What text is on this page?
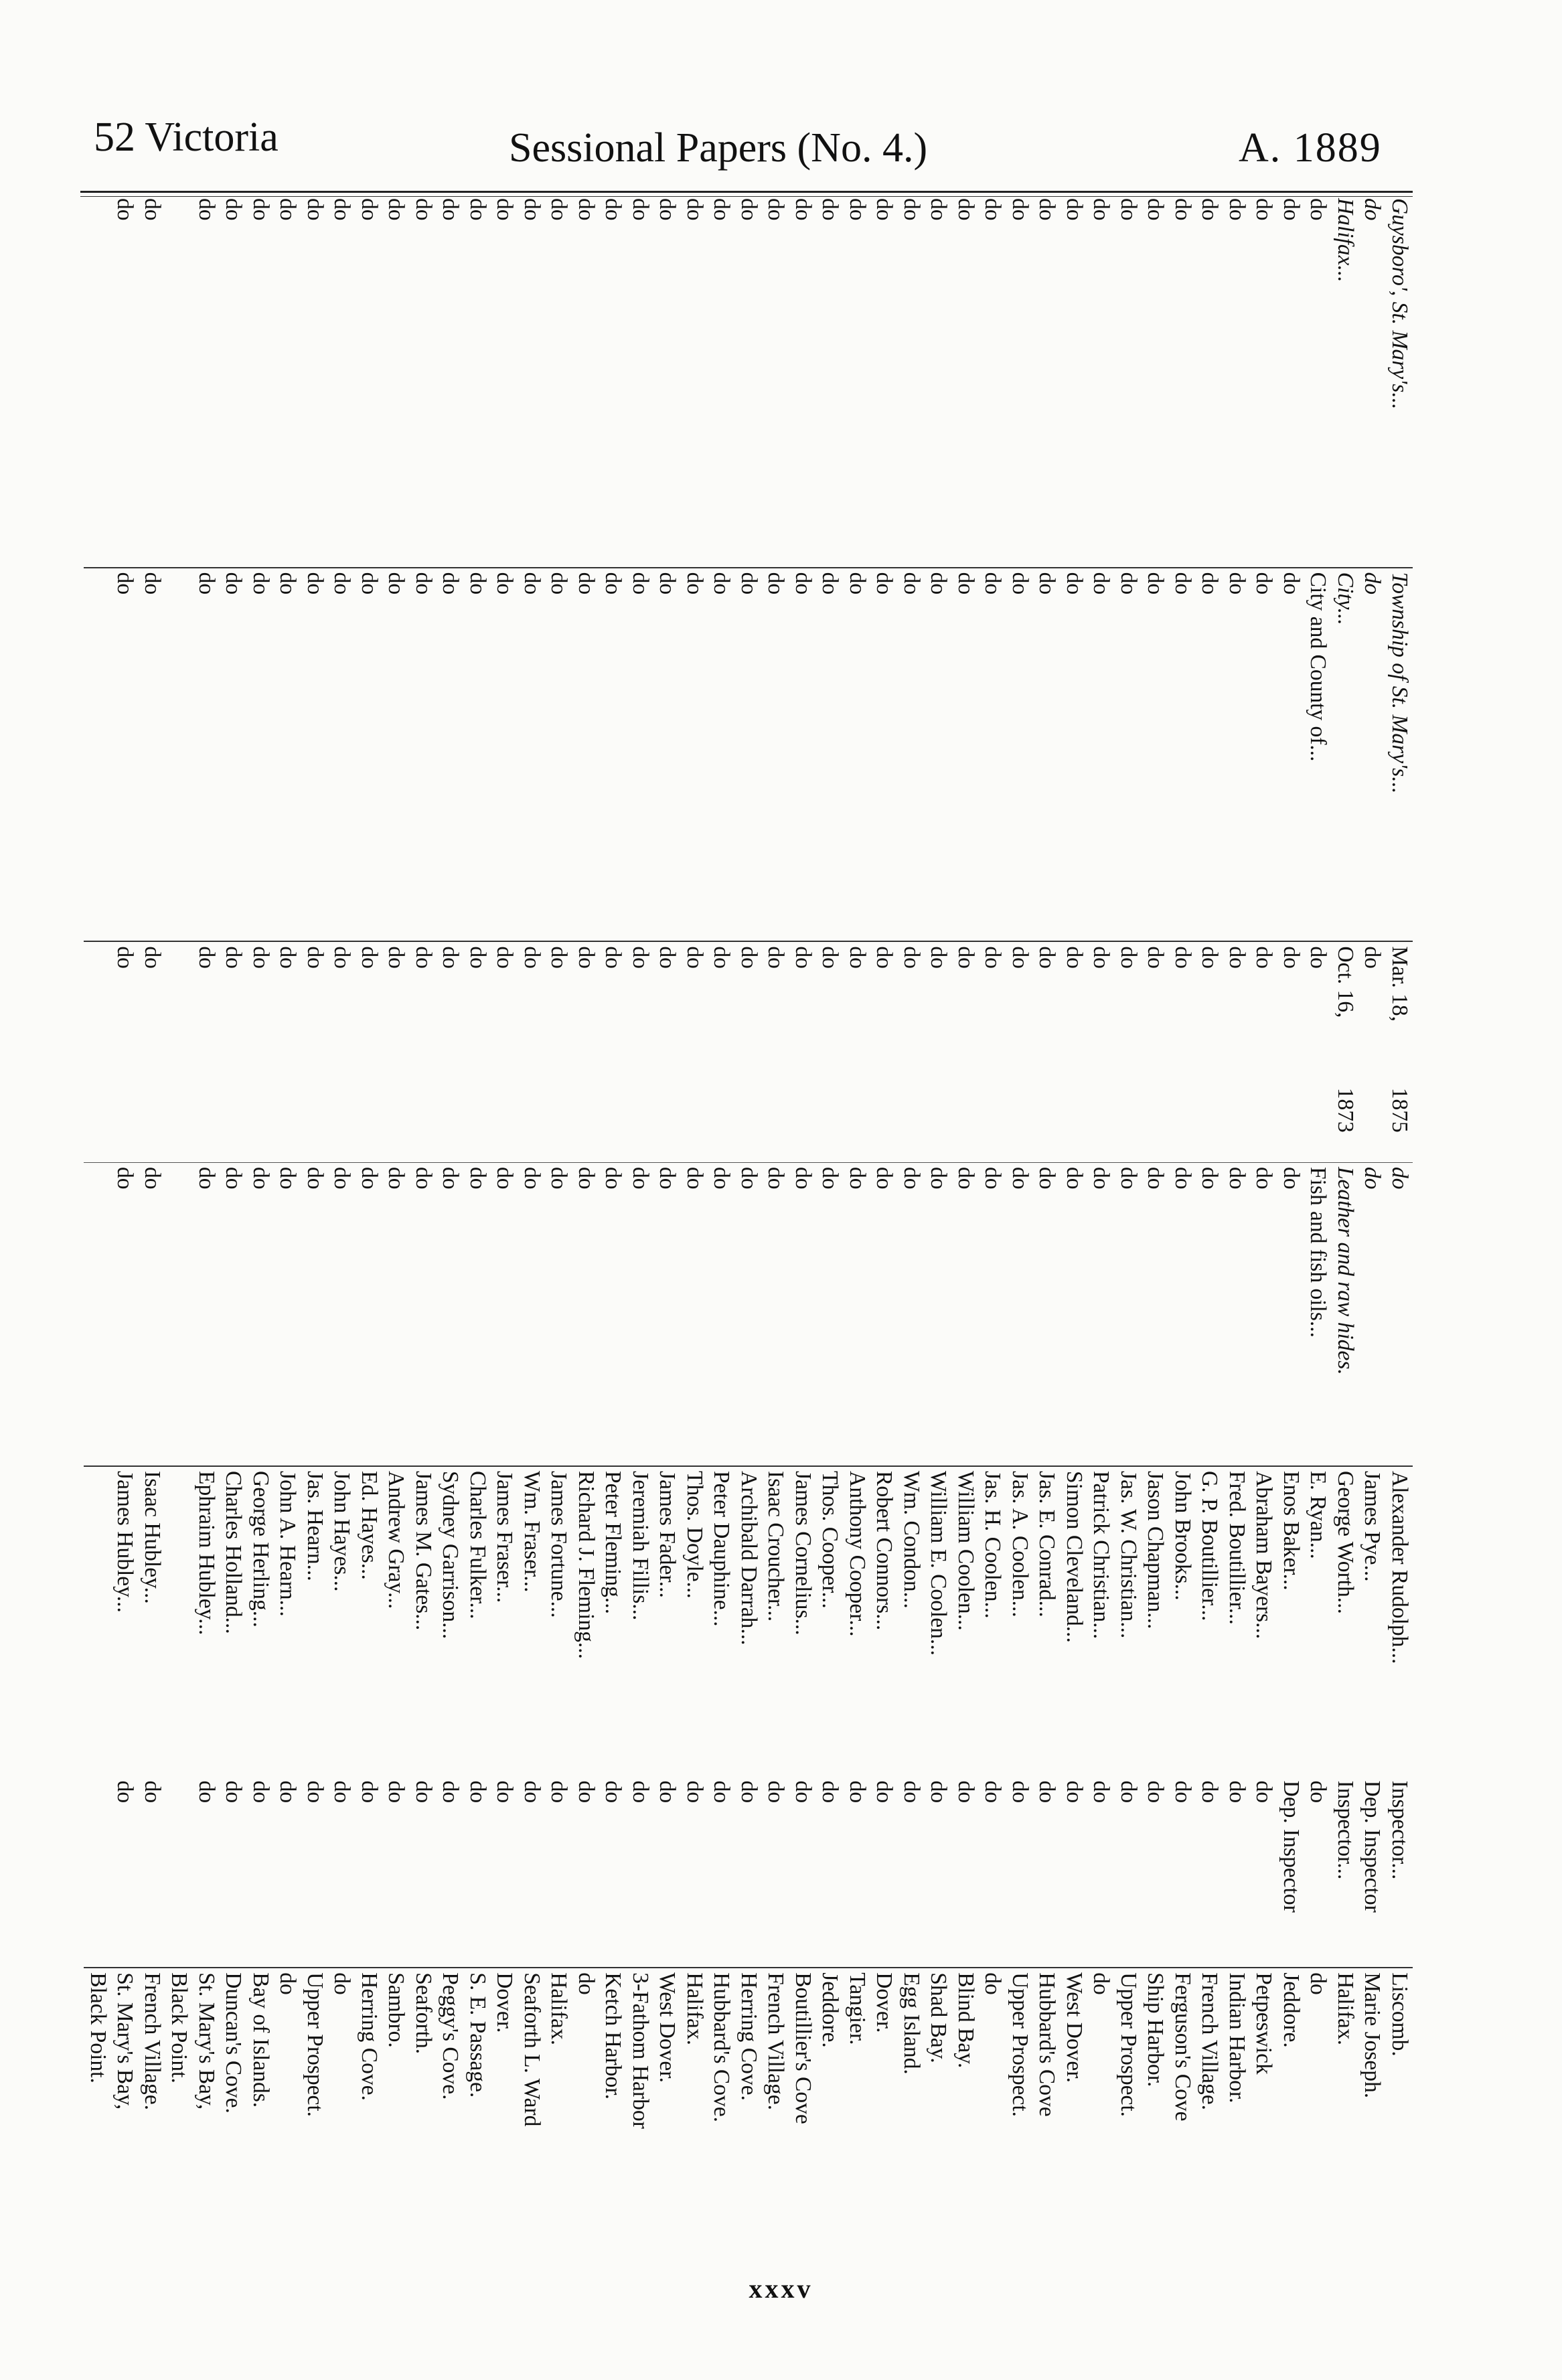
52 Victoria	Sessional Papers (No. 4.)	A. 1889
Guysboro', St. Mary's...	Township of St. Mary's...	Mar. 18,	1875	do	Alexander Rudolph...	Inspector...	Liscomb.
do	do	do		do	James Pye...	Dep. Inspector	Marie Joseph.
Halifax...	City...	Oct. 16,	1873	Leather and raw hides.	George Worth...	Inspector...	Halifax.
do	City and County of...	do		Fish and fish oils...	E. Ryan...	do	do
do	do	do		do	Enos Baker...	Dep. Inspector	Jeddore.
do	do	do		do	Abraham Bayers...	do	Petpeswick
do	do	do		do	Fred. Boutillier...	do	Indian Harbor.
do	do	do		do	G. P. Boutillier...	do	French Village.
do	do	do		do	John Brooks...	do	Ferguson's Cove
do	do	do		do	Jason Chapman...	do	Ship Harbor.
do	do	do		do	Jas. W. Christian...	do	Upper Prospect.
do	do	do		do	Patrick Christian...	do	do
do	do	do		do	Simon Cleveland...	do	West Dover.
do	do	do		do	Jas. E. Conrad...	do	Hubbard's Cove
do	do	do		do	Jas. A. Coolen...	do	Upper Prospect.
do	do	do		do	Jas. H. Coolen...	do	do
do	do	do		do	William Coolen...	do	Blind Bay.
do	do	do		do	William E. Coolen...	do	Shad Bay.
do	do	do		do	Wm. Condon...	do	Egg Island.
do	do	do		do	Robert Connors...	do	Dover.
do	do	do		do	Anthony Cooper...	do	Tangier.
do	do	do		do	Thos. Cooper...	do	Jeddore.
do	do	do		do	James Cornelius...	do	Boutillier's Cove
do	do	do		do	Isaac Croucher...	do	French Village.
do	do	do		do	Archibald Darrah...	do	Herring Cove.
do	do	do		do	Peter Dauphine...	do	Hubbard's Cove.
do	do	do		do	Thos. Doyle...	do	Halifax.
do	do	do		do	James Fader...	do	West Dover.
do	do	do		do	Jeremiah Fillis...	do	3-Fathom Harbor
do	do	do		do	Peter Fleming...	do	Ketch Harbor.
do	do	do		do	Richard J. Fleming...	do	do
do	do	do		do	James Fortune...	do	Halifax.
do	do	do		do	Wm. Fraser...	do	Seaforth L. Ward
do	do	do		do	James Fraser...	do	Dover.
do	do	do		do	Charles Fulker...	do	S. E. Passage.
do	do	do		do	Sydney Garrison...	do	Peggy's Cove.
do	do	do		do	James M. Gates...	do	Seaforth.
do	do	do		do	Andrew Gray...	do	Sambro.
do	do	do		do	Ed. Hayes...	do	Herring Cove.
do	do	do		do	John Hayes...	do	do
do	do	do		do	Jas. Hearn...	do	Upper Prospect.
do	do	do		do	John A. Hearn...	do	do
do	do	do		do	George Herling...	do	Bay of Islands.
do	do	do		do	Charles Holland...	do	Duncan's Cove.
do	do	do		do	Ephraim Hubley...	do	St. Mary's Bay,
							Black Point.
do	do	do		do	Isaac Hubley...	do	French Village.
do	do	do		do	James Hubley...	do	St. Mary's Bay,
							Black Point.
xxxv
